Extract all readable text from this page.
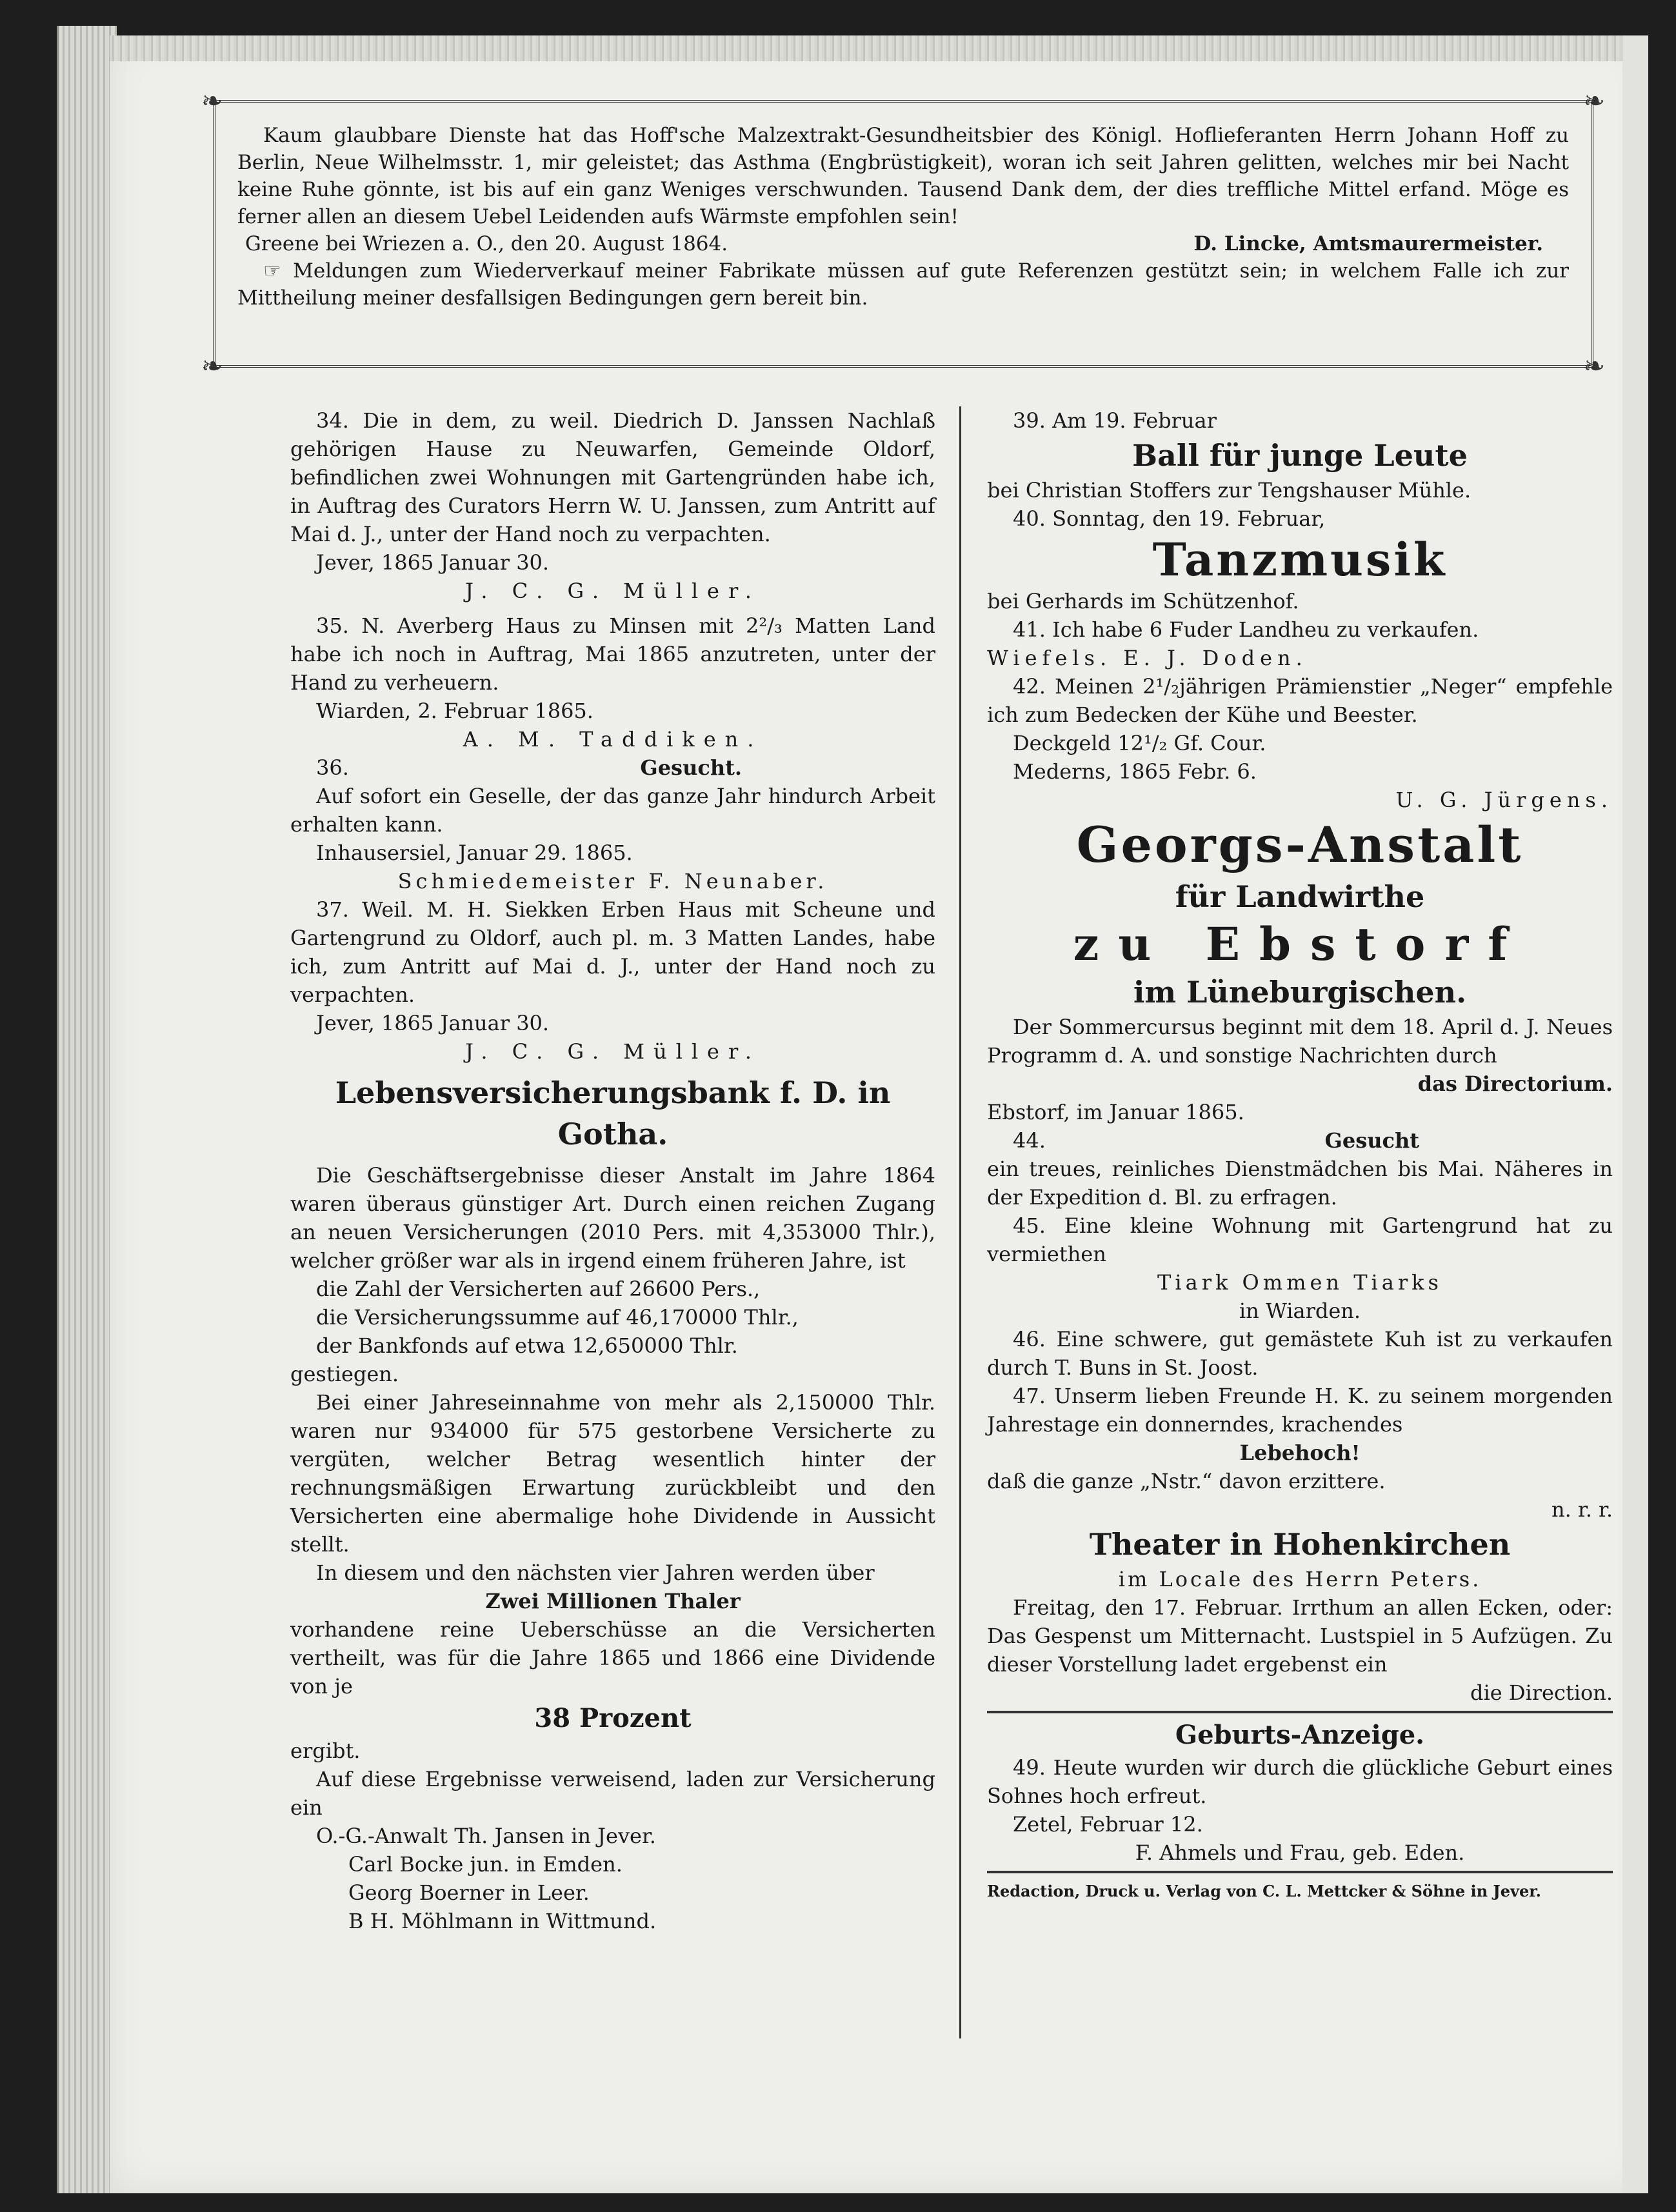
❧	❧
❧	❧

Kaum glaubbare Dienste hat das Hoff'sche Malzextrakt-Gesundheitsbier des Königl. Hoflieferanten Herrn Johann Hoff zu Berlin, Neue Wilhelmsstr. 1, mir geleistet; das Asthma (Engbrüstigkeit), woran ich seit Jahren gelitten, welches mir bei Nacht keine Ruhe gönnte, ist bis auf ein ganz Weniges verschwunden. Tausend Dank dem, der dies treffliche Mittel erfand. Möge es ferner allen an diesem Uebel Leidenden aufs Wärmste empfohlen sein!

Greene bei Wriezen a. O., den 20. August 1864.	D. Lincke, Amtsmaurermeister.

☞ Meldungen zum Wiederverkauf meiner Fabrikate müssen auf gute Referenzen gestützt sein; in welchem Falle ich zur Mittheilung meiner desfallsigen Bedingungen gern bereit bin.

34. Die in dem, zu weil. Diedrich D. Janssen Nachlaß gehörigen Hause zu Neuwarfen, Gemeinde Oldorf, befindlichen zwei Wohnungen mit Gartengründen habe ich, in Auftrag des Curators Herrn W. U. Janssen, zum Antritt auf Mai d. J., unter der Hand noch zu verpachten.

Jever, 1865 Januar 30.

J. C. G. Müller.

35. N. Averberg Haus zu Minsen mit 2²/₃ Matten Land habe ich noch in Auftrag, Mai 1865 anzutreten, unter der Hand zu verheuern.

Wiarden, 2. Februar 1865.

A. M. Taddiken.

36.	Gesucht.

Auf sofort ein Geselle, der das ganze Jahr hindurch Arbeit erhalten kann.

Inhausersiel, Januar 29. 1865.

Schmiedemeister F. Neunaber.

37. Weil. M. H. Siekken Erben Haus mit Scheune und Gartengrund zu Oldorf, auch pl. m. 3 Matten Landes, habe ich, zum Antritt auf Mai d. J., unter der Hand noch zu verpachten.

Jever, 1865 Januar 30.

J. C. G. Müller.

Lebensversicherungsbank f. D. in Gotha.

Die Geschäftsergebnisse dieser Anstalt im Jahre 1864 waren überaus günstiger Art. Durch einen reichen Zugang an neuen Versicherungen (2010 Pers. mit 4,353000 Thlr.), welcher größer war als in irgend einem früheren Jahre, ist

die Zahl der Versicherten auf 26600 Pers.,

die Versicherungssumme auf 46,170000 Thlr.,

der Bankfonds auf etwa 12,650000 Thlr.

gestiegen.

Bei einer Jahreseinnahme von mehr als 2,150000 Thlr. waren nur 934000 für 575 gestorbene Versicherte zu vergüten, welcher Betrag wesentlich hinter der rechnungsmäßigen Erwartung zurückbleibt und den Versicherten eine abermalige hohe Dividende in Aussicht stellt.

In diesem und den nächsten vier Jahren werden über

Zwei Millionen Thaler

vorhandene reine Ueberschüsse an die Versicherten vertheilt, was für die Jahre 1865 und 1866 eine Dividende von je

38 Prozent

ergibt.

Auf diese Ergebnisse verweisend, laden zur Versicherung ein

O.-G.-Anwalt Th. Jansen in Jever.

Carl Bocke jun. in Emden.

Georg Boerner in Leer.

B H. Möhlmann in Wittmund.

39. Am 19. Februar

Ball für junge Leute

bei Christian Stoffers zur Tengshauser Mühle.

40. Sonntag, den 19. Februar,

Tanzmusik

bei Gerhards im Schützenhof.

41. Ich habe 6 Fuder Landheu zu verkaufen.

Wiefels. E. J. Doden.

42. Meinen 2¹/₂jährigen Prämienstier „Neger“ empfehle ich zum Bedecken der Kühe und Beester.

Deckgeld 12¹/₂ Gf. Cour.

Mederns, 1865 Febr. 6.

U. G. Jürgens.

Georgs-Anstalt

für Landwirthe

zu Ebstorf

im Lüneburgischen.

Der Sommercursus beginnt mit dem 18. April d. J. Neues Programm d. A. und sonstige Nachrichten durch

das Directorium.

Ebstorf, im Januar 1865.

44.	Gesucht

ein treues, reinliches Dienstmädchen bis Mai. Näheres in der Expedition d. Bl. zu erfragen.

45. Eine kleine Wohnung mit Gartengrund hat zu vermiethen

Tiark Ommen Tiarks

in Wiarden.

46. Eine schwere, gut gemästete Kuh ist zu verkaufen durch T. Buns in St. Joost.

47. Unserm lieben Freunde H. K. zu seinem morgenden Jahrestage ein donnerndes, krachendes

Lebehoch!

daß die ganze „Nstr.“ davon erzittere.

n. r. r.

Theater in Hohenkirchen

im Locale des Herrn Peters.

Freitag, den 17. Februar. Irrthum an allen Ecken, oder: Das Gespenst um Mitternacht. Lustspiel in 5 Aufzügen. Zu dieser Vorstellung ladet ergebenst ein

die Direction.

Geburts-Anzeige.

49. Heute wurden wir durch die glückliche Geburt eines Sohnes hoch erfreut.

Zetel, Februar 12.

F. Ahmels und Frau, geb. Eden.

Redaction, Druck u. Verlag von C. L. Mettcker & Söhne in Jever.
